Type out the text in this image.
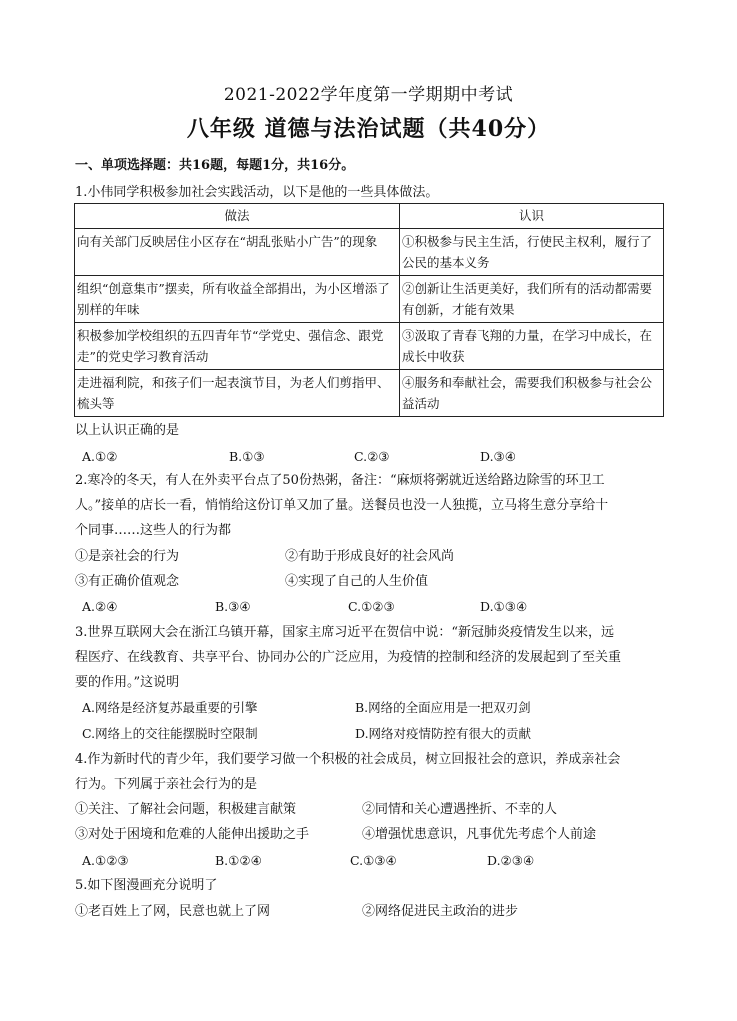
2021-2022学年度第一学期期中考试
八年级 道德与法治试题（共40分）
一、单项选择题：共16题，每题1分，共16分。
1.小伟同学积极参加社会实践活动，以下是他的一些具体做法。
做法	认识
向有关部门反映居住小区存在“胡乱张贴小广告”的现象	①积极参与民主生活，行使民主权利，履行了公民的基本义务
组织“创意集市”摆卖，所有收益全部捐出，为小区增添了别样的年味	②创新让生活更美好，我们所有的活动都需要有创新，才能有效果
积极参加学校组织的五四青年节“学党史、强信念、跟党走”的党史学习教育活动	③汲取了青春飞翔的力量，在学习中成长，在成长中收获
走进福利院，和孩子们一起表演节目，为老人们剪指甲、梳头等	④服务和奉献社会，需要我们积极参与社会公益活动
以上认识正确的是
A.①②	B.①③	C.②③	D.③④
2.寒冷的冬天，有人在外卖平台点了50份热粥，备注：“麻烦将粥就近送给路边除雪的环卫工
人。”接单的店长一看，悄悄给这份订单又加了量。送餐员也没一人独揽，立马将生意分享给十
个同事……这些人的行为都
①是亲社会的行为	②有助于形成良好的社会风尚
③有正确价值观念	④实现了自己的人生价值
A.②④	B.③④	C.①②③	D.①③④
3.世界互联网大会在浙江乌镇开幕，国家主席习近平在贺信中说：“新冠肺炎疫情发生以来，远
程医疗、在线教育、共享平台、协同办公的广泛应用，为疫情的控制和经济的发展起到了至关重
要的作用。”这说明
A.网络是经济复苏最重要的引擎	B.网络的全面应用是一把双刃剑
C.网络上的交往能摆脱时空限制	D.网络对疫情防控有很大的贡献
4.作为新时代的青少年，我们要学习做一个积极的社会成员，树立回报社会的意识，养成亲社会
行为。下列属于亲社会行为的是
①关注、了解社会问题，积极建言献策	②同情和关心遭遇挫折、不幸的人
③对处于困境和危难的人能伸出援助之手	④增强忧患意识，凡事优先考虑个人前途
A.①②③	B.①②④	C.①③④	D.②③④
5.如下图漫画充分说明了
①老百姓上了网，民意也就上了网	②网络促进民主政治的进步
